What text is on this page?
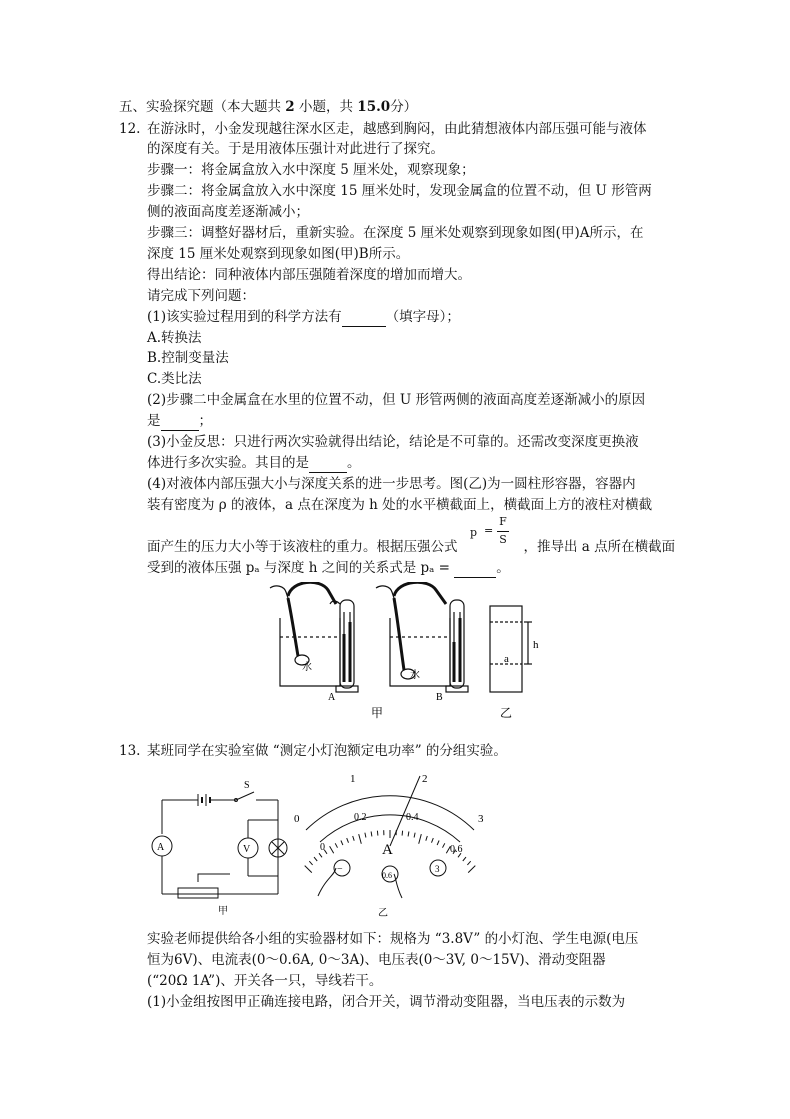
五、实验探究题（本大题共 2 小题，共 15.0分）
12. 在游泳时，小金发现越往深水区走，越感到胸闷，由此猜想液体内部压强可能与液体
的深度有关。于是用液体压强计对此进行了探究。
步骤一：将金属盒放入水中深度 5 厘米处，观察现象；
步骤二：将金属盒放入水中深度 15 厘米处时，发现金属盒的位置不动，但 U 形管两
侧的液面高度差逐渐减小；
步骤三：调整好器材后，重新实验。在深度 5 厘米处观察到现象如图(甲)A所示，在
深度 15 厘米处观察到现象如图(甲)B所示。
得出结论：同种液体内部压强随着深度的增加而增大。
请完成下列问题：
(1)该实验过程用到的科学方法有	（填字母）；
A.转换法
B.控制变量法
C.类比法
(2)步骤二中金属盒在水里的位置不动，但 U 形管两侧的液面高度差逐渐减小的原因
是	；
(3)小金反思：只进行两次实验就得出结论，结论是不可靠的。还需改变深度更换液
体进行多次实验。其目的是	。
(4)对液体内部压强大小与深度关系的进一步思考。图(乙)为一圆柱形容器，容器内
装有密度为 ρ 的液体，a 点在深度为 h 处的水平横截面上，横截面上方的液柱对横截
面产生的压力大小等于该液柱的重力。根据压强公式	，推导出 a 点所在横截面
p =
F
S
受到的液体压强 pₐ 与深度 h 之间的关系式是 pₐ =	。
水
水
A	B
h
a
甲	乙
13. 某班同学在实验室做 “测定小灯泡额定电功率” 的分组实验。
A	V
S
甲
0
1	2
3
0
0.2	0.4
0.6
A
−
0.6
3
乙
实验老师提供给各小组的实验器材如下：规格为 “3.8V” 的小灯泡、学生电源(电压
恒为6V)、电流表(0～0.6A, 0～3A)、电压表(0～3V, 0～15V)、滑动变阻器
(“20Ω 1A”)、开关各一只，导线若干。
(1)小金组按图甲正确连接电路，闭合开关，调节滑动变阻器，当电压表的示数为
